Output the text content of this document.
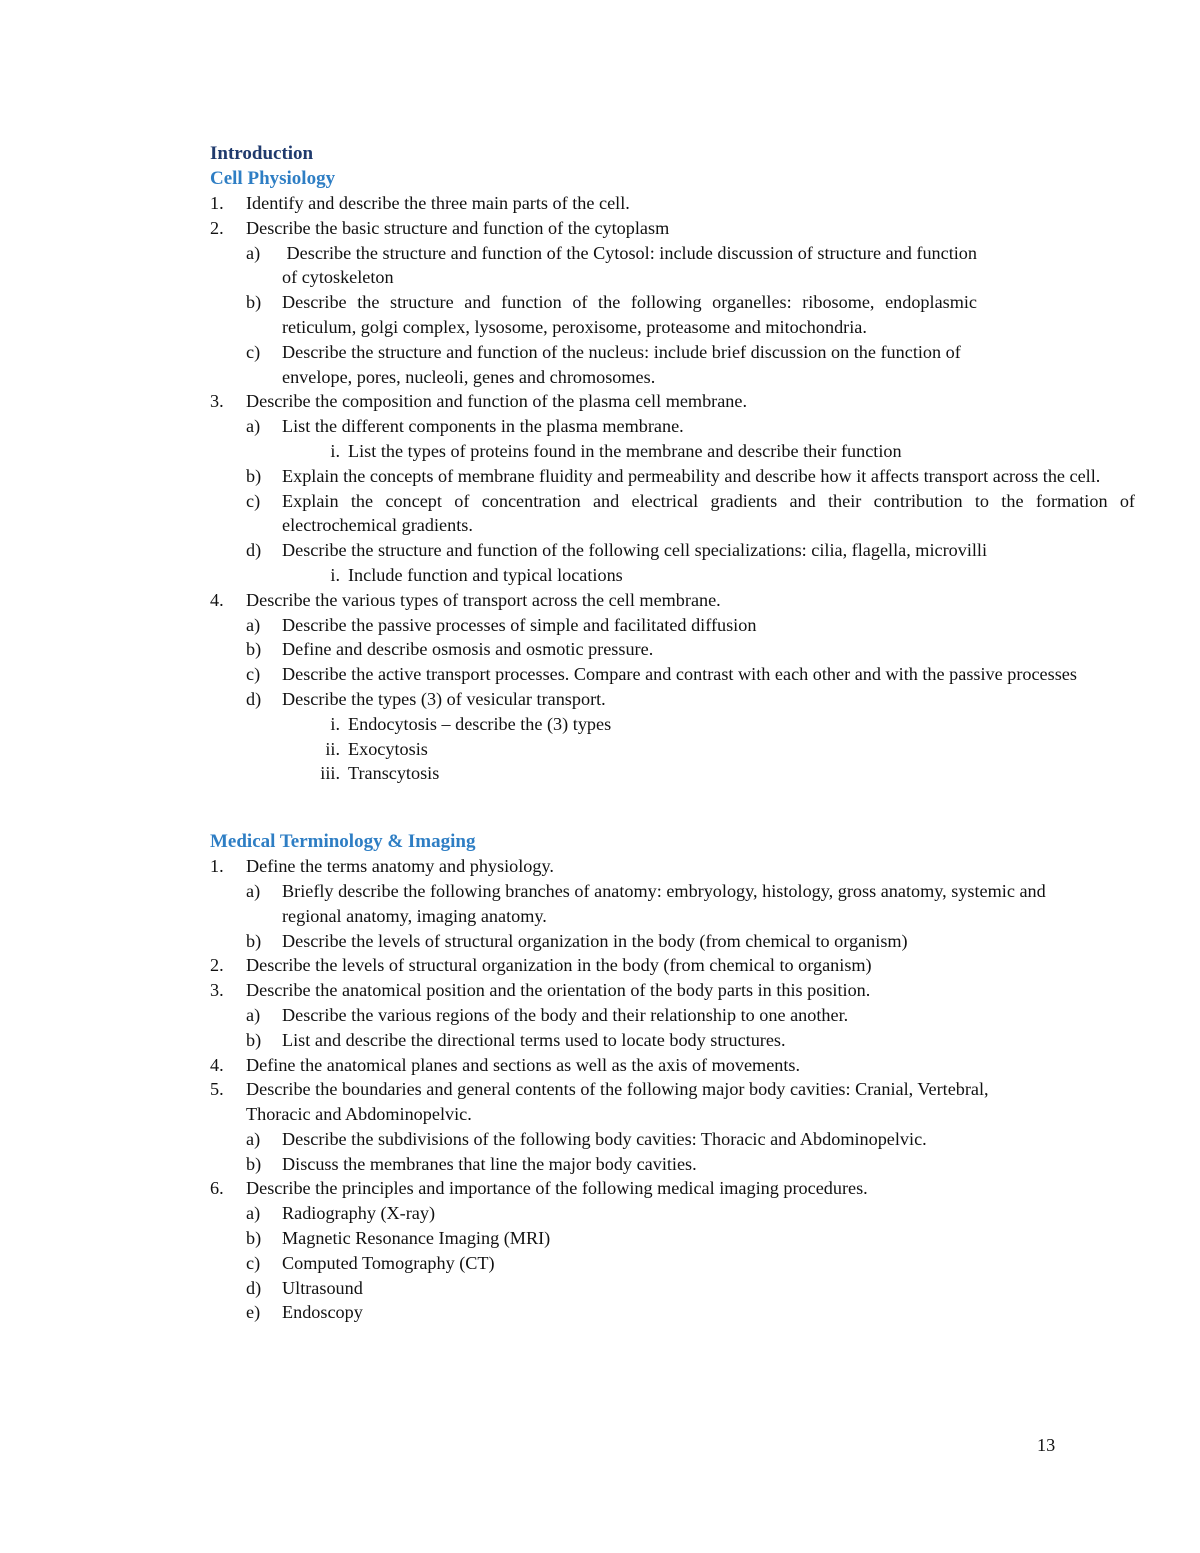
Introduction
Cell Physiology
1.	Identify and describe the three main parts of the cell.
2.	Describe the basic structure and function of the cytoplasm
a)	Describe the structure and function of the Cytosol: include discussion of structure and function of cytoskeleton
b)	Describe the structure and function of the following organelles: ribosome, endoplasmic reticulum, golgi complex, lysosome, peroxisome, proteasome and mitochondria.
c)	Describe the structure and function of the nucleus: include brief discussion on the function of envelope, pores, nucleoli, genes and chromosomes.
3.	Describe the composition and function of the plasma cell membrane.
a)	List the different components in the plasma membrane.
i. List the types of proteins found in the membrane and describe their function
b)	Explain the concepts of membrane fluidity and permeability and describe how it affects transport across the cell.
c)	Explain the concept of concentration and electrical gradients and their contribution to the formation of electrochemical gradients.
d)	Describe the structure and function of the following cell specializations: cilia, flagella, microvilli
i. Include function and typical locations
4.	Describe the various types of transport across the cell membrane.
a)	Describe the passive processes of simple and facilitated diffusion
b)	Define and describe osmosis and osmotic pressure.
c)	Describe the active transport processes. Compare and contrast with each other and with the passive processes
d)	Describe the types (3) of vesicular transport.
i. Endocytosis – describe the (3) types
ii. Exocytosis
iii. Transcytosis
Medical Terminology & Imaging
1.	Define the terms anatomy and physiology.
a)	Briefly describe the following branches of anatomy: embryology, histology, gross anatomy, systemic and regional anatomy, imaging anatomy.
b)	Describe the levels of structural organization in the body (from chemical to organism)
2.	Describe the levels of structural organization in the body (from chemical to organism)
3.	Describe the anatomical position and the orientation of the body parts in this position.
a)	Describe the various regions of the body and their relationship to one another.
b)	List and describe the directional terms used to locate body structures.
4.	Define the anatomical planes and sections as well as the axis of movements.
5.	Describe the boundaries and general contents of the following major body cavities: Cranial, Vertebral, Thoracic and Abdominopelvic.
a)	Describe the subdivisions of the following body cavities: Thoracic and Abdominopelvic.
b)	Discuss the membranes that line the major body cavities.
6.	Describe the principles and importance of the following medical imaging procedures.
a)	Radiography (X-ray)
b)	Magnetic Resonance Imaging (MRI)
c)	Computed Tomography (CT)
d)	Ultrasound
e)	Endoscopy
13
